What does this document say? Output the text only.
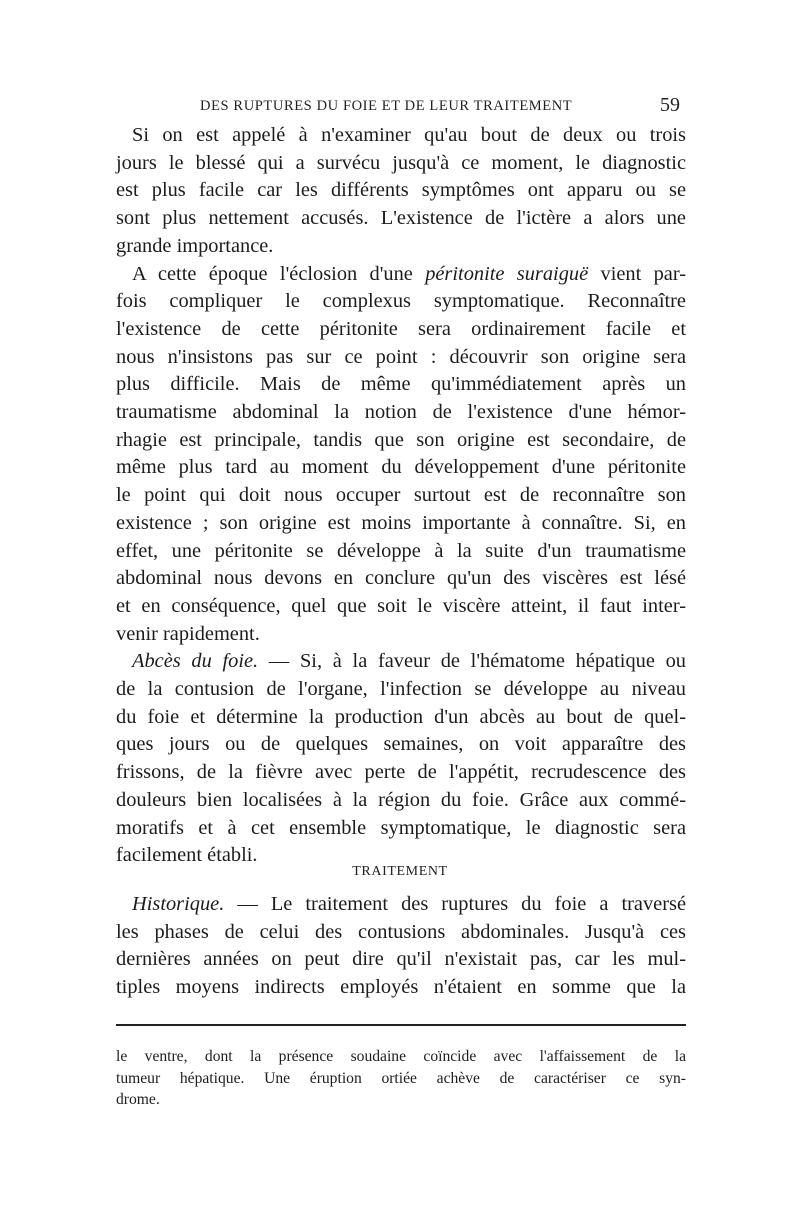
DES RUPTURES DU FOIE ET DE LEUR TRAITEMENT	59
Si on est appelé à n'examiner qu'au bout de deux ou trois
jours le blessé qui a survécu jusqu'à ce moment, le diagnostic
est plus facile car les différents symptômes ont apparu ou se
sont plus nettement accusés. L'existence de l'ictère a alors une
grande importance.
A cette époque l'éclosion d'une péritonite suraiguë vient par-
fois compliquer le complexus symptomatique. Reconnaître
l'existence de cette péritonite sera ordinairement facile et
nous n'insistons pas sur ce point : découvrir son origine sera
plus difficile. Mais de même qu'immédiatement après un
traumatisme abdominal la notion de l'existence d'une hémor-
rhagie est principale, tandis que son origine est secondaire, de
même plus tard au moment du développement d'une péritonite
le point qui doit nous occuper surtout est de reconnaître son
existence ; son origine est moins importante à connaître. Si, en
effet, une péritonite se développe à la suite d'un traumatisme
abdominal nous devons en conclure qu'un des viscères est lésé
et en conséquence, quel que soit le viscère atteint, il faut inter-
venir rapidement.
Abcès du foie. — Si, à la faveur de l'hématome hépatique ou
de la contusion de l'organe, l'infection se développe au niveau
du foie et détermine la production d'un abcès au bout de quel-
ques jours ou de quelques semaines, on voit apparaître des
frissons, de la fièvre avec perte de l'appétit, recrudescence des
douleurs bien localisées à la région du foie. Grâce aux commé-
moratifs et à cet ensemble symptomatique, le diagnostic sera
facilement établi.
TRAITEMENT
Historique. — Le traitement des ruptures du foie a traversé
les phases de celui des contusions abdominales. Jusqu'à ces
dernières années on peut dire qu'il n'existait pas, car les mul-
tiples moyens indirects employés n'étaient en somme que la
le ventre, dont la présence soudaine coïncide avec l'affaissement de la
tumeur hépatique. Une éruption ortiée achève de caractériser ce syn-
drome.
